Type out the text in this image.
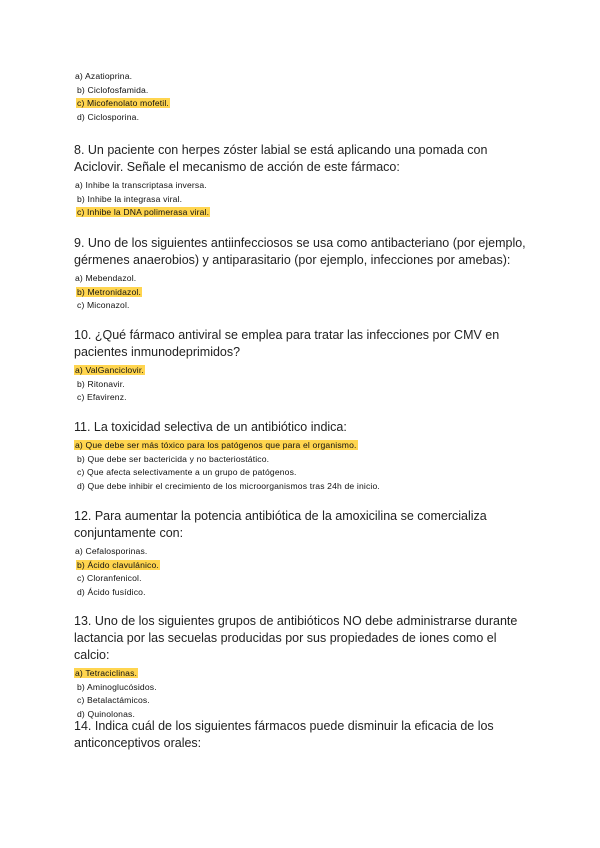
a) Azatioprina.
b) Ciclofosfamida.
c) Micofenolato mofetil.
d) Ciclosporina.

8. Un paciente con herpes zóster labial se está aplicando una pomada con Aciclovir. Señale el mecanismo de acción de este fármaco:

a) Inhibe la transcriptasa inversa.
b) Inhibe la integrasa viral.
c) Inhibe la DNA polimerasa viral.

9. Uno de los siguientes antiinfecciosos se usa como antibacteriano (por ejemplo, gérmenes anaerobios) y antiparasitario (por ejemplo, infecciones por amebas):

a) Mebendazol.
b) Metronidazol.
c) Miconazol.

10. ¿Qué fármaco antiviral se emplea para tratar las infecciones por CMV en pacientes inmunodeprimidos?

a) ValGanciclovir.
b) Ritonavir.
c) Efavirenz.

11. La toxicidad selectiva de un antibiótico indica:

a) Que debe ser más tóxico para los patógenos que para el organismo.
b) Que debe ser bactericida y no bacteriostático.
c) Que afecta selectivamente a un grupo de patógenos.
d) Que debe inhibir el crecimiento de los microorganismos tras 24h de inicio.

12. Para aumentar la potencia antibiótica de la amoxicilina se comercializa conjuntamente con:

a) Cefalosporinas.
b) Ácido clavulánico.
c) Cloranfenicol.
d) Ácido fusídico.

13. Uno de los siguientes grupos de antibióticos NO debe administrarse durante lactancia por las secuelas producidas por sus propiedades de iones como el calcio:

a) Tetraciclinas.
b) Aminoglucósidos.
c) Betalactámicos.
d) Quinolonas.

14. Indica cuál de los siguientes fármacos puede disminuir la eficacia de los anticonceptivos orales:
